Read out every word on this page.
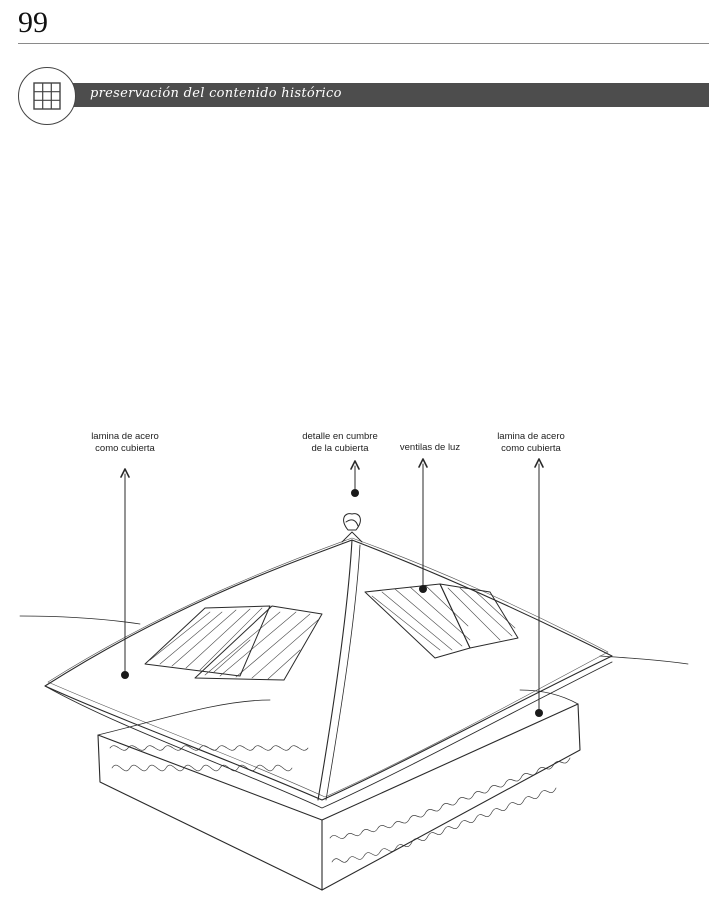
99
preservación del contenido histórico
lamina de acero
como cubierta
detalle en cumbre
de la cubierta	ventilas de luz
lamina de acero
como cubierta
